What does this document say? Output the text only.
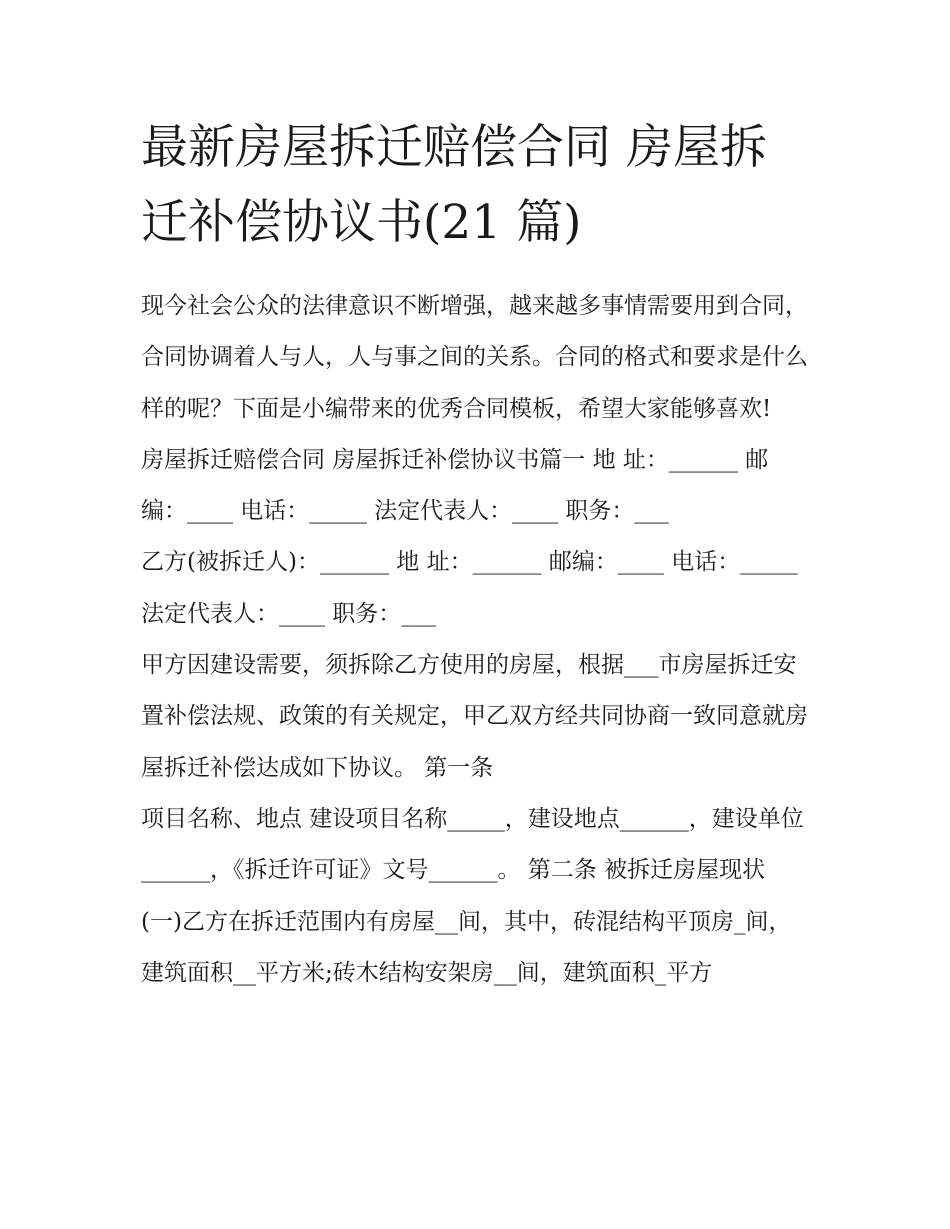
最新房屋拆迁赔偿合同 房屋拆迁补偿协议书(21 篇)

现今社会公众的法律意识不断增强，越来越多事情需要用到合同，合同协调着人与人，人与事之间的关系。合同的格式和要求是什么样的呢？下面是小编带来的优秀合同模板，希望大家能够喜欢!

房屋拆迁赔偿合同 房屋拆迁补偿协议书篇一 地 址：______ 邮编：____ 电话：_____ 法定代表人：____ 职务：___

乙方(被拆迁人)：______ 地 址：______ 邮编：____ 电话：_____ 法定代表人：____ 职务：___

甲方因建设需要，须拆除乙方使用的房屋，根据___市房屋拆迁安置补偿法规、政策的有关规定，甲乙双方经共同协商一致同意就房屋拆迁补偿达成如下协议。 第一条

项目名称、地点 建设项目名称_____，建设地点______，建设单位______，《拆迁许可证》文号______。 第二条 被拆迁房屋现状

(一)乙方在拆迁范围内有房屋__间，其中，砖混结构平顶房_间，建筑面积__平方米;砖木结构安架房__间，建筑面积_平方
